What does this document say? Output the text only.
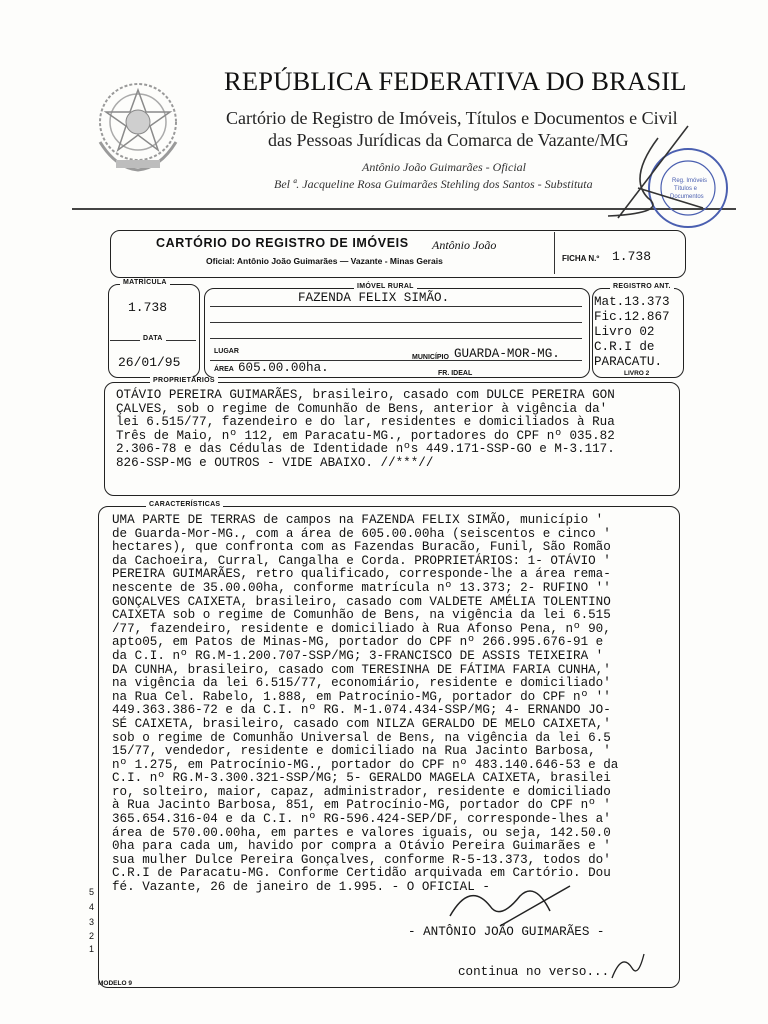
REPÚBLICA FEDERATIVA DO BRASIL
Cartório de Registro de Imóveis, Títulos e Documentos e Civil
das Pessoas Jurídicas da Comarca de Vazante/MG
Antônio João Guimarães - Oficial
Bel ª. Jacqueline Rosa Guimarães Stehling dos Santos - Substituta	Reg. Imóveis
Títulos e
Documentos
CARTÓRIO DO REGISTRO DE IMÓVEIS Antônio João
Oficial: Antônio João Guimarães — Vazante - Minas Gerais	FICHA N.º 1.738
MATRÍCULA
1.738
DATA
26/01/95
IMÓVEL RURAL
FAZENDA FELIX SIMÃO.
LUGAR
MUNICÍPIO GUARDA-MOR-MG.
ÁREA 605.00.00ha.	FR. IDEAL
REGISTRO ANT.
Mat.13.373
Fic.12.867
Livro 02
C.R.I de
PARACATU.
LIVRO 2
PROPRIETÁRIOS
OTÁVIO PEREIRA GUIMARÃES, brasileiro, casado com DULCE PEREIRA GON
ÇALVES, sob o regime de Comunhão de Bens, anterior à vigência da'
lei 6.515/77, fazendeiro e do lar, residentes e domiciliados à Rua
Três de Maio, nº 112, em Paracatu-MG., portadores do CPF nº 035.82
2.306-78 e das Cédulas de Identidade nºs 449.171-SSP-GO e M-3.117.
826-SSP-MG e OUTROS - VIDE ABAIXO. //***//
CARACTERÍSTICAS
UMA PARTE DE TERRAS de campos na FAZENDA FELIX SIMÃO, município '
de Guarda-Mor-MG., com a área de 605.00.00ha (seiscentos e cinco '
hectares), que confronta com as Fazendas Buracão, Funil, São Romão
da Cachoeira, Curral, Cangalha e Corda. PROPRIETÁRIOS: 1- OTÁVIO '
PEREIRA GUIMARÃES, retro qualificado, corresponde-lhe a área rema-
nescente de 35.00.00ha, conforme matrícula nº 13.373; 2- RUFINO ''
GONÇALVES CAIXETA, brasileiro, casado com VALDETE AMÉLIA TOLENTINO
CAIXETA sob o regime de Comunhão de Bens, na vigência da lei 6.515
/77, fazendeiro, residente e domiciliado à Rua Afonso Pena, nº 90,
apto05, em Patos de Minas-MG, portador do CPF nº 266.995.676-91 e
da C.I. nº RG.M-1.200.707-SSP/MG; 3-FRANCISCO DE ASSIS TEIXEIRA '
DA CUNHA, brasileiro, casado com TERESINHA DE FÁTIMA FARIA CUNHA,'
na vigência da lei 6.515/77, economiário, residente e domiciliado'
na Rua Cel. Rabelo, 1.888, em Patrocínio-MG, portador do CPF nº ''
449.363.386-72 e da C.I. nº RG. M-1.074.434-SSP/MG; 4- ERNANDO JO-
SÉ CAIXETA, brasileiro, casado com NILZA GERALDO DE MELO CAIXETA,'
sob o regime de Comunhão Universal de Bens, na vigência da lei 6.5
15/77, vendedor, residente e domiciliado na Rua Jacinto Barbosa, '
nº 1.275, em Patrocínio-MG., portador do CPF nº 483.140.646-53 e da
C.I. nº RG.M-3.300.321-SSP/MG; 5- GERALDO MAGELA CAIXETA, brasilei
ro, solteiro, maior, capaz, administrador, residente e domiciliado
à Rua Jacinto Barbosa, 851, em Patrocínio-MG, portador do CPF nº '
365.654.316-04 e da C.I. nº RG-596.424-SEP/DF, corresponde-lhes a'
área de 570.00.00ha, em partes e valores iguais, ou seja, 142.50.0
0ha para cada um, havido por compra a Otávio Pereira Guimarães e '
sua mulher Dulce Pereira Gonçalves, conforme R-5-13.373, todos do'
C.R.I de Paracatu-MG. Conforme Certidão arquivada em Cartório. Dou
fé. Vazante, 26 de janeiro de 1.995. - O OFICIAL -
- ANTÔNIO JOÃO GUIMARÃES -
continua no verso...
5
4
3
2
1
MODELO 9
